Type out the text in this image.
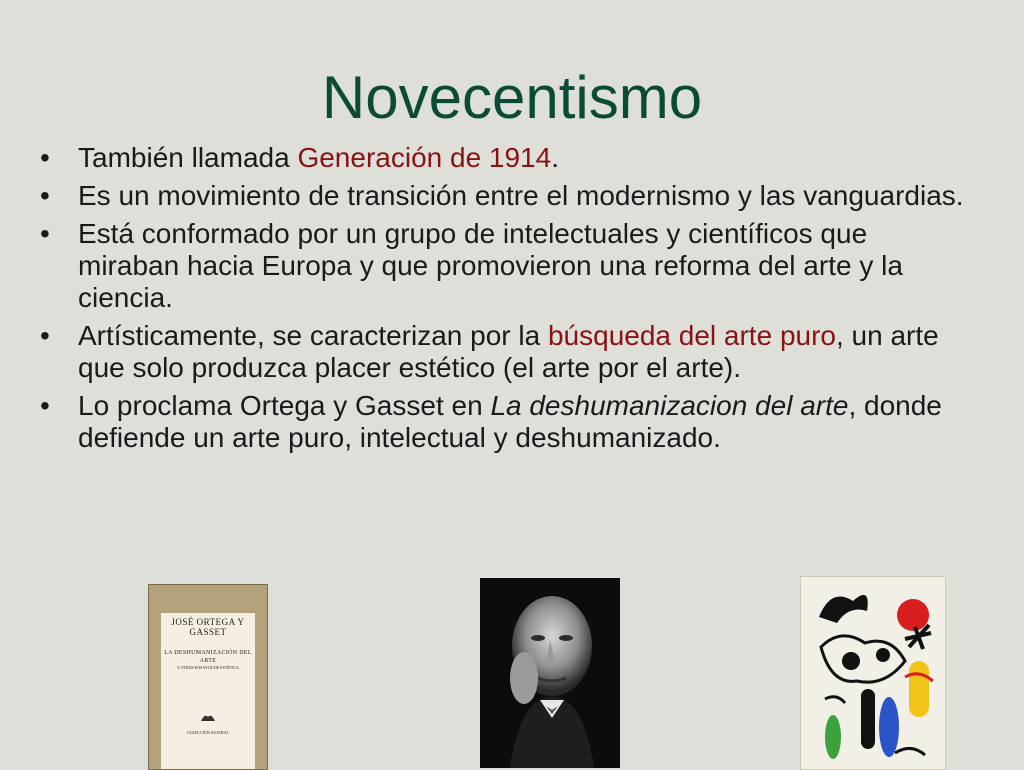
Novecentismo
• También llamada Generación de 1914.
• Es un movimiento de transición entre el modernismo y las vanguardias.
• Está conformado por un grupo de intelectuales y científicos que miraban hacia Europa y que promovieron una reforma del arte y la ciencia.
• Artísticamente, se caracterizan por la búsqueda del arte puro, un arte que solo produzca placer estético (el arte por el arte).
• Lo proclama Ortega y Gasset en La deshumanizacion del arte, donde defiende un arte puro, intelectual y deshumanizado.
JOSÉ ORTEGA Y GASSET
LA DESHUMANIZACIÓN DEL ARTE
Y OTROS ENSAYOS DE ESTÉTICA
COLECCIÓN AUSTRAL
